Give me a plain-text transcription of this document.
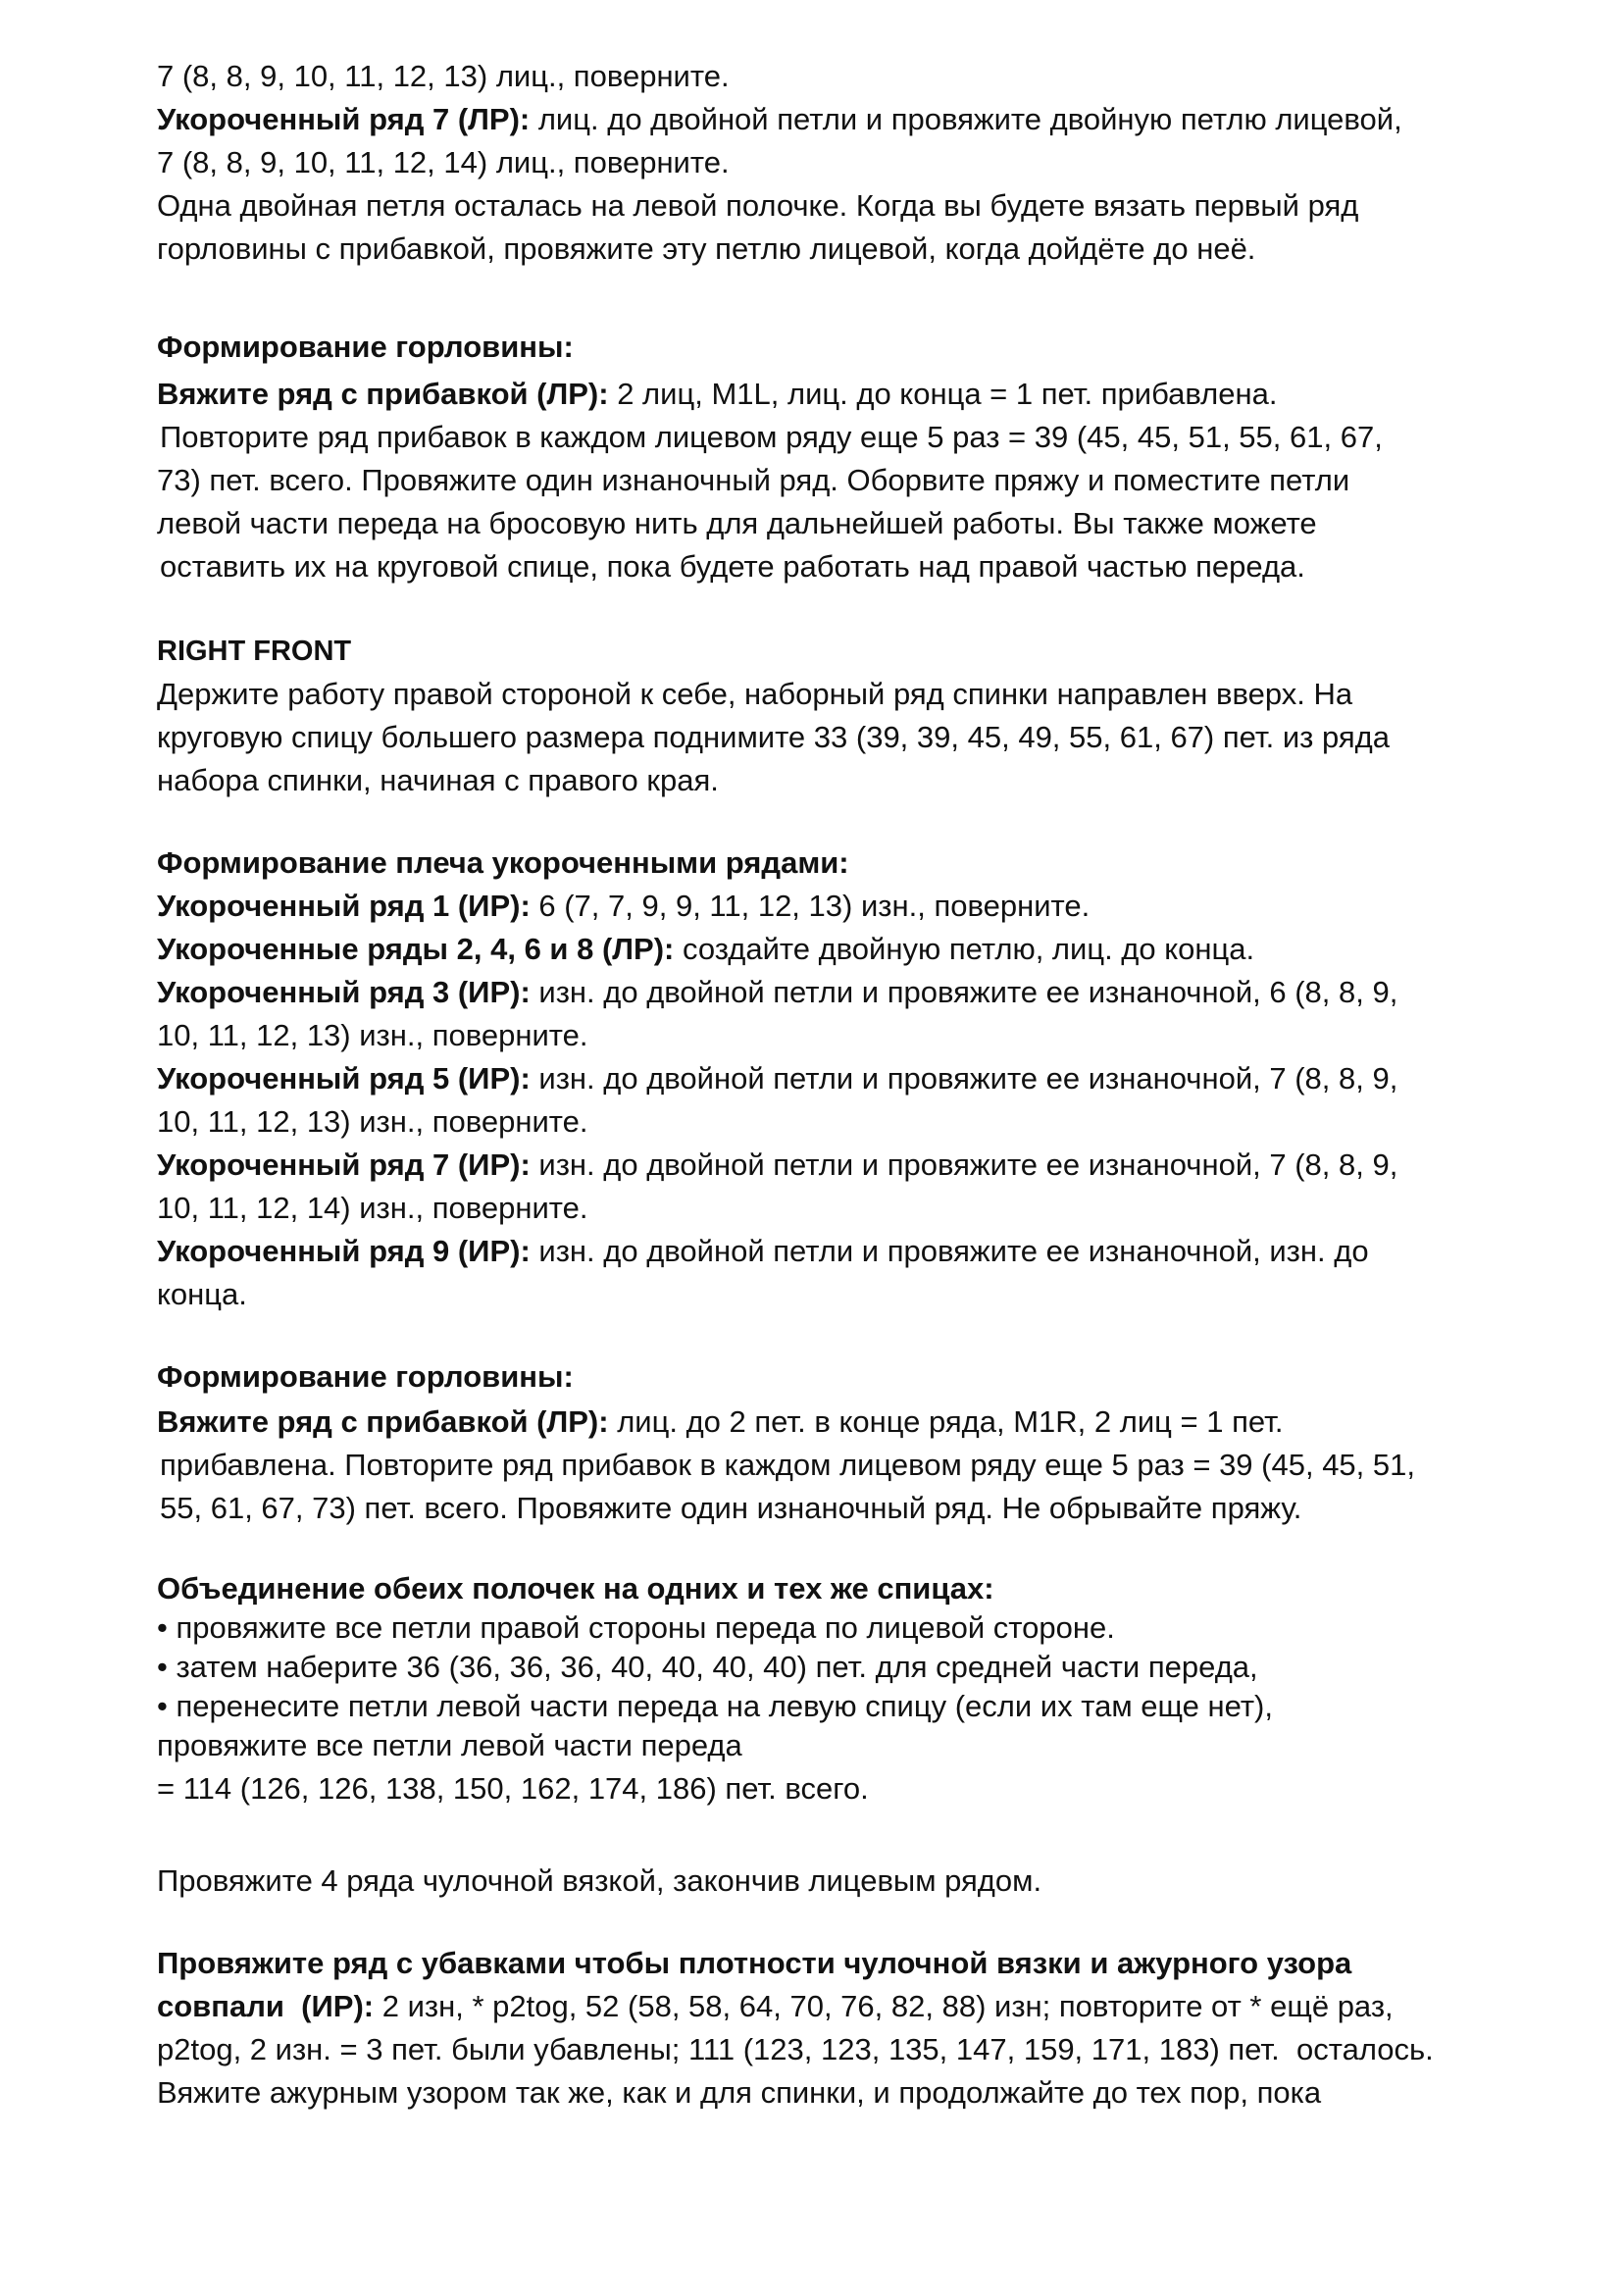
7 (8, 8, 9, 10, 11, 12, 13) лиц., поверните.
Укороченный ряд 7 (ЛР): лиц. до двойной петли и провяжите двойную петлю лицевой,
7 (8, 8, 9, 10, 11, 12, 14) лиц., поверните.
Одна двойная петля осталась на левой полочке. Когда вы будете вязать первый ряд
горловины с прибавкой, провяжите эту петлю лицевой, когда дойдёте до неё.
Формирование горловины:
Вяжите ряд с прибавкой (ЛР): 2 лиц, M1L, лиц. до конца = 1 пет. прибавлена.
Повторите ряд прибавок в каждом лицевом ряду еще 5 раз = 39 (45, 45, 51, 55, 61, 67,
73) пет. всего. Провяжите один изнаночный ряд. Оборвите пряжу и поместите петли
левой части переда на бросовую нить для дальнейшей работы. Вы также можете
оставить их на круговой спице, пока будете работать над правой частью переда.
RIGHT FRONT
Держите работу правой стороной к себе, наборный ряд спинки направлен вверх. На
круговую спицу большего размера поднимите 33 (39, 39, 45, 49, 55, 61, 67) пет. из ряда
набора спинки, начиная с правого края.
Формирование плеча укороченными рядами:
Укороченный ряд 1 (ИР): 6 (7, 7, 9, 9, 11, 12, 13) изн., поверните.
Укороченные ряды 2, 4, 6 и 8 (ЛР): создайте двойную петлю, лиц. до конца.
Укороченный ряд 3 (ИР): изн. до двойной петли и провяжите ее изнаночной, 6 (8, 8, 9,
10, 11, 12, 13) изн., поверните.
Укороченный ряд 5 (ИР): изн. до двойной петли и провяжите ее изнаночной, 7 (8, 8, 9,
10, 11, 12, 13) изн., поверните.
Укороченный ряд 7 (ИР): изн. до двойной петли и провяжите ее изнаночной, 7 (8, 8, 9,
10, 11, 12, 14) изн., поверните.
Укороченный ряд 9 (ИР): изн. до двойной петли и провяжите ее изнаночной, изн. до
конца.
Формирование горловины:
Вяжите ряд с прибавкой (ЛР): лиц. до 2 пет. в конце ряда, M1R, 2 лиц = 1 пет.
прибавлена. Повторите ряд прибавок в каждом лицевом ряду еще 5 раз = 39 (45, 45, 51,
55, 61, 67, 73) пет. всего. Провяжите один изнаночный ряд. Не обрывайте пряжу.
Объединение обеих полочек на одних и тех же спицах:
• провяжите все петли правой стороны переда по лицевой стороне.
• затем наберите 36 (36, 36, 36, 40, 40, 40, 40) пет. для средней части переда,
• перенесите петли левой части переда на левую спицу (если их там еще нет),
провяжите все петли левой части переда
= 114 (126, 126, 138, 150, 162, 174, 186) пет. всего.
Провяжите 4 ряда чулочной вязкой, закончив лицевым рядом.
Провяжите ряд с убавками чтобы плотности чулочной вязки и ажурного узора
совпали  (ИР): 2 изн, * p2tog, 52 (58, 58, 64, 70, 76, 82, 88) изн; повторите от * ещё раз,
p2tog, 2 изн. = 3 пет. были убавлены; 111 (123, 123, 135, 147, 159, 171, 183) пет.  осталось.
Вяжите ажурным узором так же, как и для спинки, и продолжайте до тех пор, пока
